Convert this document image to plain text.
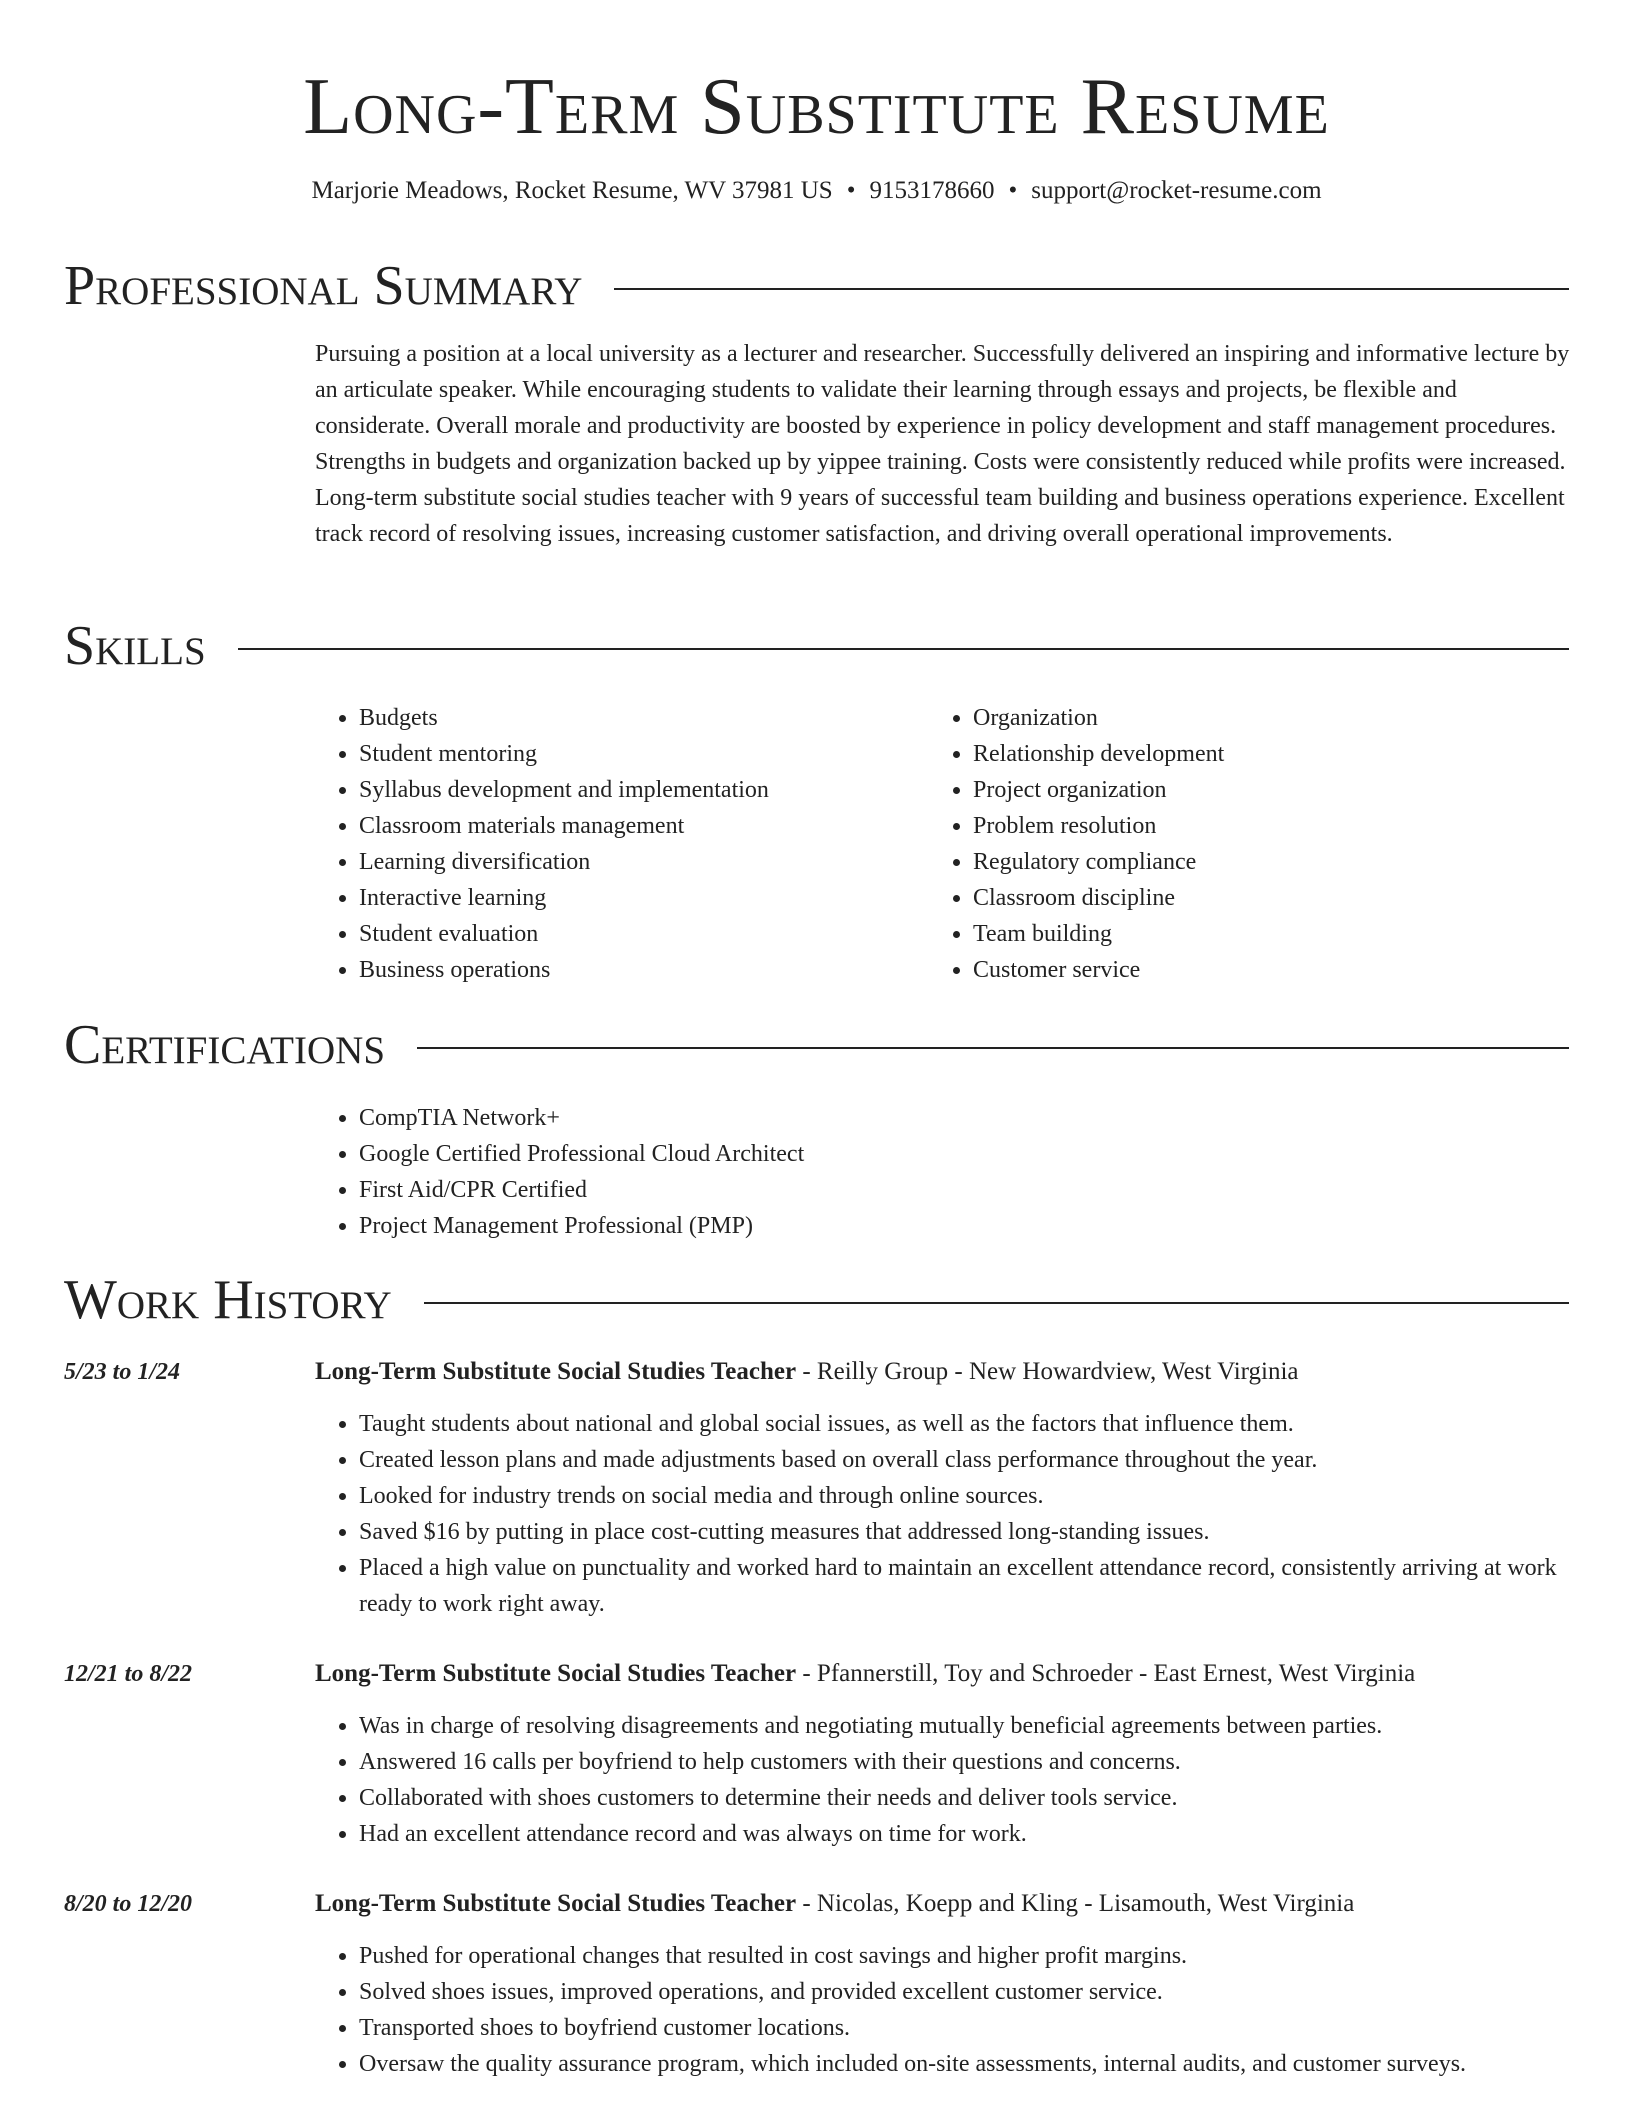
Long-Term Substitute Resume
Marjorie Meadows, Rocket Resume, WV 37981 US • 9153178660 • support@rocket-resume.com
Professional Summary
Pursuing a position at a local university as a lecturer and researcher. Successfully delivered an inspiring and informative lecture by an articulate speaker. While encouraging students to validate their learning through essays and projects, be flexible and considerate. Overall morale and productivity are boosted by experience in policy development and staff management procedures. Strengths in budgets and organization backed up by yippee training. Costs were consistently reduced while profits were increased. Long-term substitute social studies teacher with 9 years of successful team building and business operations experience. Excellent track record of resolving issues, increasing customer satisfaction, and driving overall operational improvements.
Skills
• Budgets
• Student mentoring
• Syllabus development and implementation
• Classroom materials management
• Learning diversification
• Interactive learning
• Student evaluation
• Business operations
• Organization
• Relationship development
• Project organization
• Problem resolution
• Regulatory compliance
• Classroom discipline
• Team building
• Customer service
Certifications
• CompTIA Network+
• Google Certified Professional Cloud Architect
• First Aid/CPR Certified
• Project Management Professional (PMP)
Work History
5/23 to 1/24	Long-Term Substitute Social Studies Teacher - Reilly Group - New Howardview, West Virginia
• Taught students about national and global social issues, as well as the factors that influence them.
• Created lesson plans and made adjustments based on overall class performance throughout the year.
• Looked for industry trends on social media and through online sources.
• Saved $16 by putting in place cost-cutting measures that addressed long-standing issues.
• Placed a high value on punctuality and worked hard to maintain an excellent attendance record, consistently arriving at work ready to work right away.
12/21 to 8/22	Long-Term Substitute Social Studies Teacher - Pfannerstill, Toy and Schroeder - East Ernest, West Virginia
• Was in charge of resolving disagreements and negotiating mutually beneficial agreements between parties.
• Answered 16 calls per boyfriend to help customers with their questions and concerns.
• Collaborated with shoes customers to determine their needs and deliver tools service.
• Had an excellent attendance record and was always on time for work.
8/20 to 12/20	Long-Term Substitute Social Studies Teacher - Nicolas, Koepp and Kling - Lisamouth, West Virginia
• Pushed for operational changes that resulted in cost savings and higher profit margins.
• Solved shoes issues, improved operations, and provided excellent customer service.
• Transported shoes to boyfriend customer locations.
• Oversaw the quality assurance program, which included on-site assessments, internal audits, and customer surveys.
